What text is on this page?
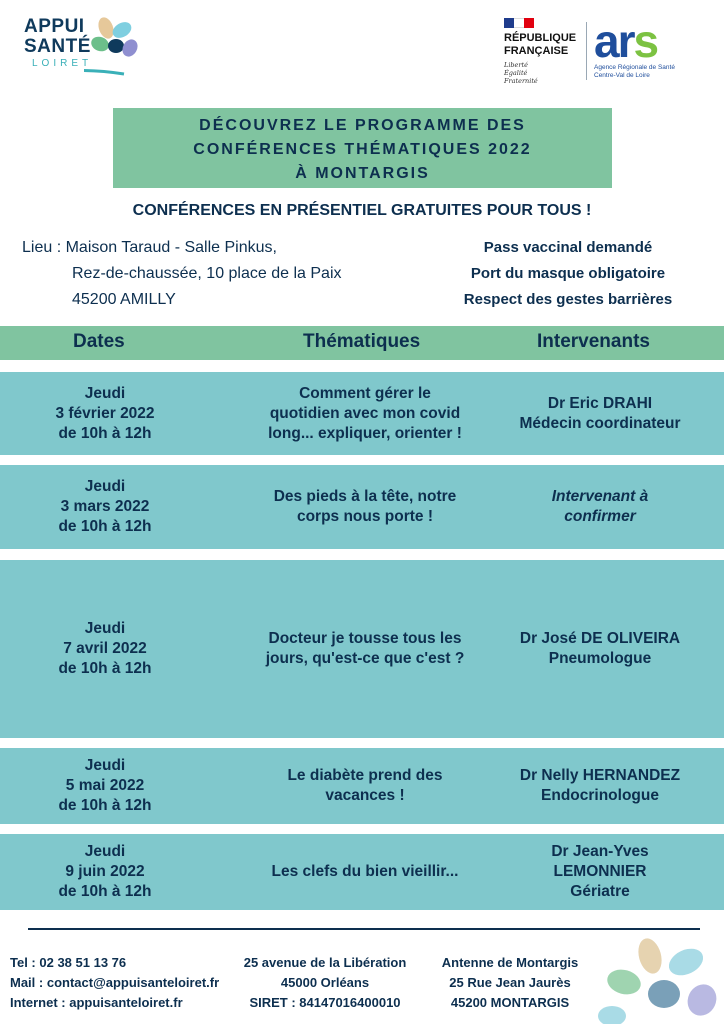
APPUI
SANTÉ
LOIRET
RÉPUBLIQUE
FRANÇAISE
Liberté
Égalité
Fraternité
ars
Agence Régionale de Santé
Centre-Val de Loire
DÉCOUVREZ LE PROGRAMME DES
CONFÉRENCES THÉMATIQUES 2022
À MONTARGIS
CONFÉRENCES EN PRÉSENTIEL GRATUITES POUR TOUS !
Lieu : Maison Taraud - Salle Pinkus,
Rez-de-chaussée, 10 place de la Paix
45200 AMILLY
Pass vaccinal demandé
Port du masque obligatoire
Respect des gestes barrières
Dates	Thématiques	Intervenants
Jeudi
3 février 2022
de 10h à 12h
Comment gérer le
quotidien avec mon covid
long... expliquer, orienter !
Dr Eric DRAHI
Médecin coordinateur
Jeudi
3 mars 2022
de 10h à 12h
Des pieds à la tête, notre
corps nous porte !
Intervenant à
confirmer
Jeudi
7 avril 2022
de 10h à 12h
Docteur je tousse tous les
jours, qu'est-ce que c'est ?
Dr José DE OLIVEIRA
Pneumologue
Jeudi
5 mai 2022
de 10h à 12h
Le diabète prend des
vacances !
Dr Nelly HERNANDEZ
Endocrinologue
Jeudi
9 juin 2022
de 10h à 12h
Les clefs du bien vieillir...
Dr Jean-Yves
LEMONNIER
Gériatre
Tel : 02 38 51 13 76
Mail : contact@appuisanteloiret.fr
Internet : appuisanteloiret.fr
25 avenue de la Libération
45000 Orléans
SIRET : 84147016400010
Antenne de Montargis
25 Rue Jean Jaurès
45200 MONTARGIS
